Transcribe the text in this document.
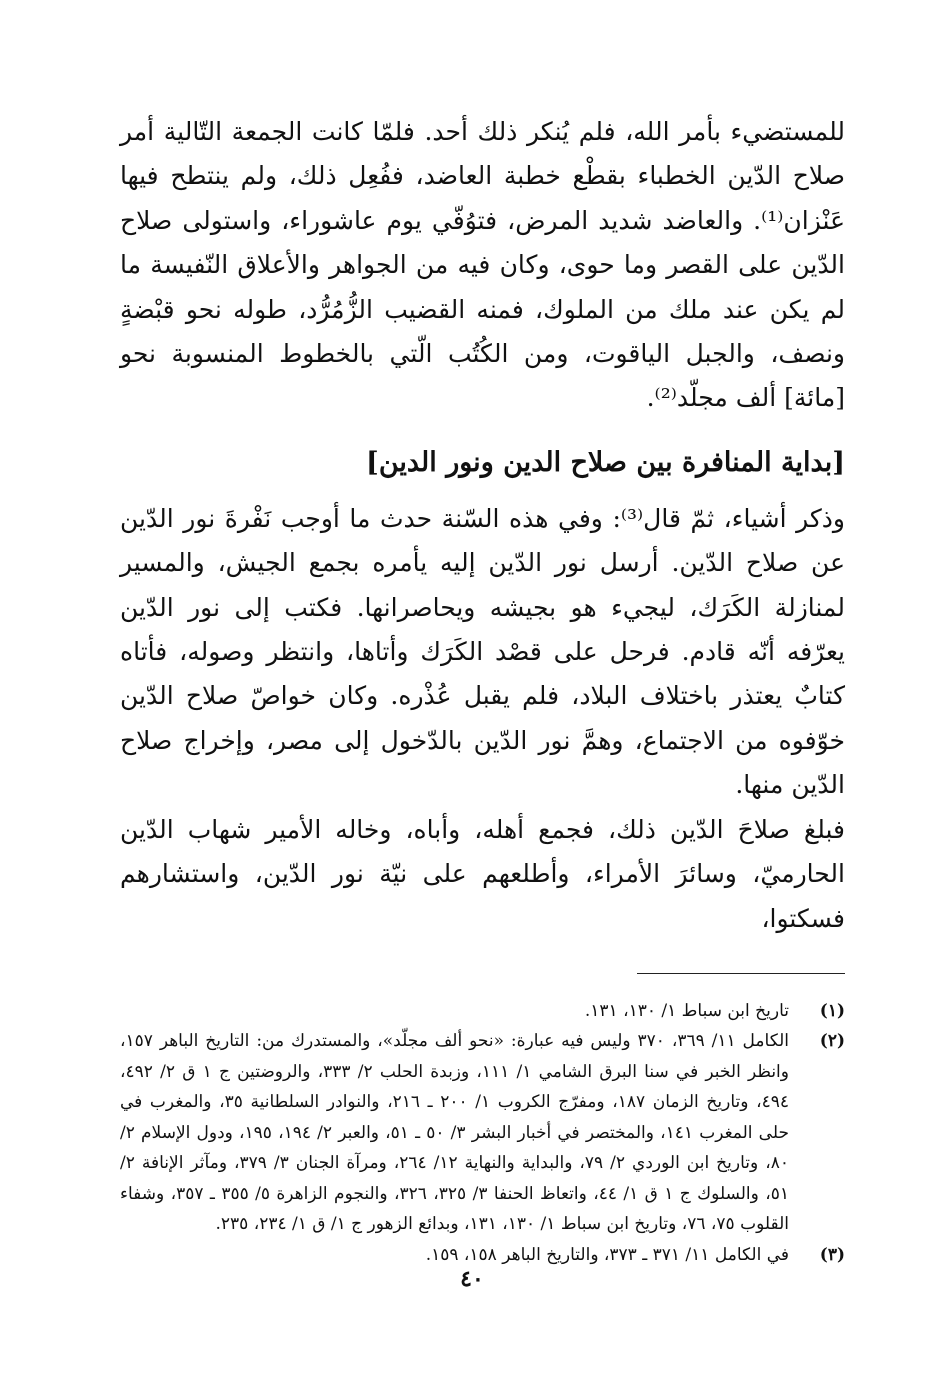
للمستضيء بأمر الله، فلم يُنكر ذلك أحد. فلمّا كانت الجمعة التّالية أمر صلاح الدّين الخطباء بقطْع خطبة العاضد، ففُعِل ذلك، ولم ينتطح فيها عَنْزان⁽¹⁾. والعاضد شديد المرض، فتوُفّي يوم عاشوراء، واستولى صلاح الدّين على القصر وما حوى، وكان فيه من الجواهر والأعلاق النّفيسة ما لم يكن عند ملك من الملوك، فمنه القضيب الزُّمُرُّد، طوله نحو قبْضةٍ ونصف، والجبل الياقوت، ومن الكُتُب الّتي بالخطوط المنسوبة نحو [مائة] ألف مجلّد⁽²⁾.

[بداية المنافرة بين صلاح الدين ونور الدين]

وذكر أشياء، ثمّ قال⁽³⁾: وفي هذه السّنة حدث ما أوجب نَفْرةَ نور الدّين عن صلاح الدّين. أرسل نور الدّين إليه يأمره بجمع الجيش، والمسير لمنازلة الكَرَك، ليجيء هو بجيشه ويحاصرانها. فكتب إلى نور الدّين يعرّفه أنّه قادم. فرحل على قصْد الكَرَك وأتاها، وانتظر وصوله، فأتاه كتابٌ يعتذر باختلاف البلاد، فلم يقبل عُذْره. وكان خواصّ صلاح الدّين خوّفوه من الاجتماع، وهمَّ نور الدّين بالدّخول إلى مصر، وإخراج صلاح الدّين منها.

فبلغ صلاحَ الدّين ذلك، فجمع أهله، وأباه، وخاله الأمير شهاب الدّين الحارميّ، وسائرَ الأمراء، وأطلعهم على نيّة نور الدّين، واستشارهم فسكتوا،

(١)
تاريخ ابن سباط ١/ ١٣٠، ١٣١.
(٢)
الكامل ١١/ ٣٦٩، ٣٧٠ وليس فيه عبارة: «نحو ألف مجلّد»، والمستدرك من: التاريخ الباهر ١٥٧، وانظر الخبر في سنا البرق الشامي ١/ ١١١، وزبدة الحلب ٢/ ٣٣٣، والروضتين ج ١ ق ٢/ ٤٩٢، ٤٩٤، وتاريخ الزمان ١٨٧، ومفرّج الكروب ١/ ٢٠٠ ـ ٢١٦، والنوادر السلطانية ٣٥، والمغرب في حلى المغرب ١٤١، والمختصر في أخبار البشر ٣/ ٥٠ ـ ٥١، والعبر ٢/ ١٩٤، ١٩٥، ودول الإسلام ٢/ ٨٠، وتاريخ ابن الوردي ٢/ ٧٩، والبداية والنهاية ١٢/ ٢٦٤، ومرآة الجنان ٣/ ٣٧٩، ومآثر الإنافة ٢/ ٥١، والسلوك ج ١ ق ١/ ٤٤، واتعاظ الحنفا ٣/ ٣٢٥، ٣٢٦، والنجوم الزاهرة ٥/ ٣٥٥ ـ ٣٥٧، وشفاء القلوب ٧٥، ٧٦، وتاريخ ابن سباط ١/ ١٣٠، ١٣١، وبدائع الزهور ج ١/ ق ١/ ٢٣٤، ٢٣٥.
(٣)
في الكامل ١١/ ٣٧١ ـ ٣٧٣، والتاريخ الباهر ١٥٨، ١٥٩.
٤٠
